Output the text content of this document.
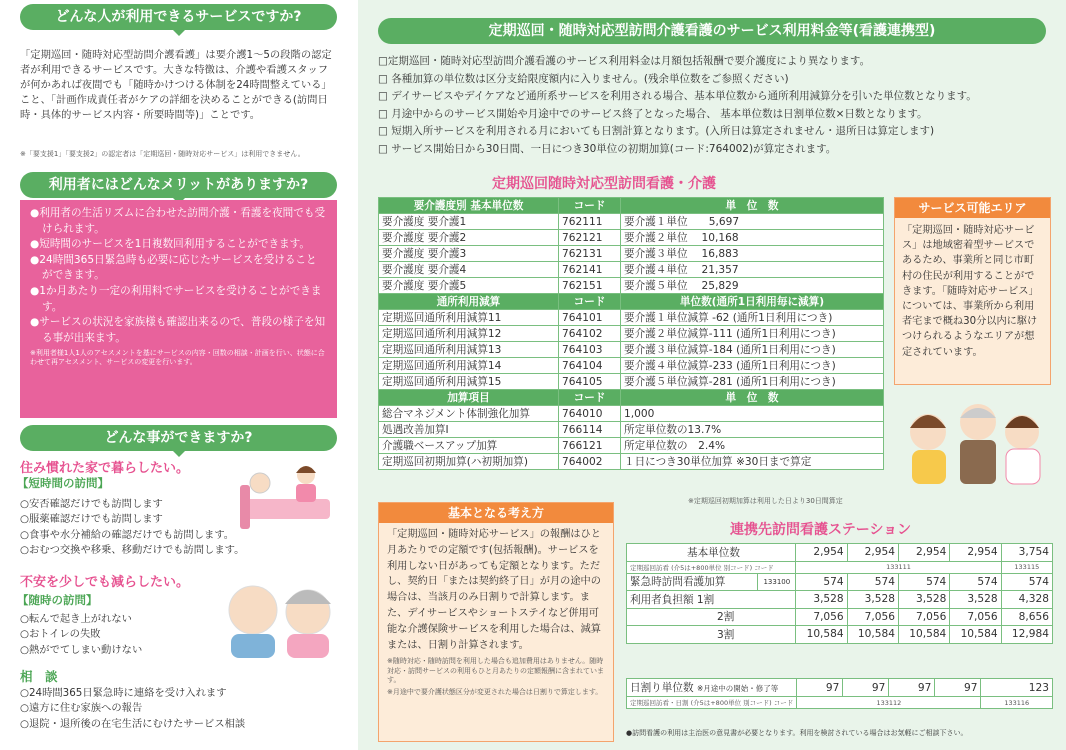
どんな人が利用できるサービスですか?
「定期巡回・随時対応型訪問介護看護」は要介護1〜5の段階の認定者が利用できるサービスです。大きな特徴は、介護や看護スタッフが何かあれば夜間でも「随時かけつける体制を24時間整えている」こと、「計画作成責任者がケアの詳細を決めることができる(訪問日時・具体的サービス内容・所要時間等)」ことです。
※「要支援1」「要支援2」の認定者は「定期巡回・随時対応サービス」は利用できません。
利用者にはどんなメリットがありますか?
●利用者の生活リズムに合わせた訪問介護・看護を夜間でも受けられます。
●短時間のサービスを1日複数回利用することができます。
●24時間365日緊急時も必要に応じたサービスを受けることができます。
●1か月あたり一定の利用料でサービスを受けることができます。
●サービスの状況を家族様も確認出来るので、普段の様子を知る事が出来ます。
※利用者様1人1人のアセスメントを基にサービスの内容・回数の相談・計画を行い、状態に合わせて再アセスメント、サービスの変更を行います。
どんな事ができますか?
住み慣れた家で暮らしたい。
【短時間の訪問】
○安否確認だけでも訪問します
○服薬確認だけでも訪問します
○食事や水分補給の確認だけでも訪問します。
○おむつ交換や移乗、移動だけでも訪問します。
不安を少しでも減らしたい。
【随時の訪問】
○転んで起き上がれない
○おトイレの失敗
○熱がでてしまい動けない
相　談
○24時間365日緊急時に連絡を受け入れます
○遠方に住む家族への報告
○退院・退所後の在宅生活にむけたサービス相談
定期巡回・随時対応型訪問介護看護のサービス利用料金等(看護連携型)
□定期巡回・随時対応型訪問介護看護のサービス利用料金は月額包括報酬で要介護度により異なります。
□ 各種加算の単位数は区分支給限度額内に入りません。(残余単位数をご参照ください)
□ デイサービスやデイケアなど通所系サービスを利用される場合、基本単位数から通所利用減算分を引いた単位数となります。
□ 月途中からのサービス開始や月途中でのサービス終了となった場合、 基本単位数は日割単位数×日数となります。
□ 短期入所サービスを利用される月においても日割計算となります。(入所日は算定されません・退所日は算定します)
□ サービス開始日から30日間、一日につき30単位の初期加算(コード:764002)が算定されます。
定期巡回随時対応型訪問看護・介護
要介護度別 基本単位数	コード	単　位　数
要介護度 要介護1	762111	要介護１単位　　5,697
要介護度 要介護2	762121	要介護２単位　 10,168
要介護度 要介護3	762131	要介護３単位　 16,883
要介護度 要介護4	762141	要介護４単位　 21,357
要介護度 要介護5	762151	要介護５単位　 25,829
通所利用減算	コード	単位数(通所1日利用毎に減算)
定期巡回通所利用減算11	764101	要介護１単位減算 -62 (通所1日利用につき)
定期巡回通所利用減算12	764102	要介護２単位減算-111 (通所1日利用につき)
定期巡回通所利用減算13	764103	要介護３単位減算-184 (通所1日利用につき)
定期巡回通所利用減算14	764104	要介護４単位減算-233 (通所1日利用につき)
定期巡回通所利用減算15	764105	要介護５単位減算-281 (通所1日利用につき)
加算項目	コード	単　位　数
総合マネジメント体制強化加算	764010	1,000
処遇改善加算Ⅰ	766114	所定単位数の13.7%
介護職ベースアップ加算	766121	所定単位数の　2.4%
定期巡回初期加算(ハ初期加算)	764002	１日につき30単位加算 ※30日まで算定
※定期巡回初期加算は利用した日より30日間算定
サービス可能エリア
「定期巡回・随時対応サービス」は地域密着型サービスであるため、事業所と同じ市町村の住民が利用することができます。「随時対応サービス」については、事業所から利用者宅まで概ね30分以内に駆けつけられるようなエリアが想定されています。
基本となる考え方
「定期巡回・随時対応サービス」の報酬はひと月あたりでの定額です(包括報酬)。サービスを利用しない日があっても定額となります。ただし、契約日「または契約終了日」が月の途中の場合は、当該月のみ日割りで計算します。また、デイサービスやショートステイなど併用可能な介護保険サービスを利用した場合は、減算または、日割り計算されます。
※随時対応・随時訪問を利用した場合も追加費用はありません。随時対応・訪問サービスの利用もひと月あたりの定額報酬に含まれています。
※月途中で要介護状態区分が変更された場合は日割りで算定します。
連携先訪問看護ステーション
基本単位数		2,954	2,954	2,954	2,954	3,754
定期巡回訪看 (介5は+800単位 別コード) コード		133111				133115
緊急時訪問看護加算	133100	574	574	574	574	574
利用者負担額 1割		3,528	3,528	3,528	3,528	4,328
2割		7,056	7,056	7,056	7,056	8,656
3割		10,584	10,584	10,584	10,584	12,984
日割り単位数 ※月途中の開始・修了等	97	97	97	97	123
定期巡回訪看・日割 (介5は+800単位 別コード) コード	133112				133116
●訪問看護の利用は主治医の意見書が必要となります。利用を検討されている場合はお気軽にご相談下さい。
